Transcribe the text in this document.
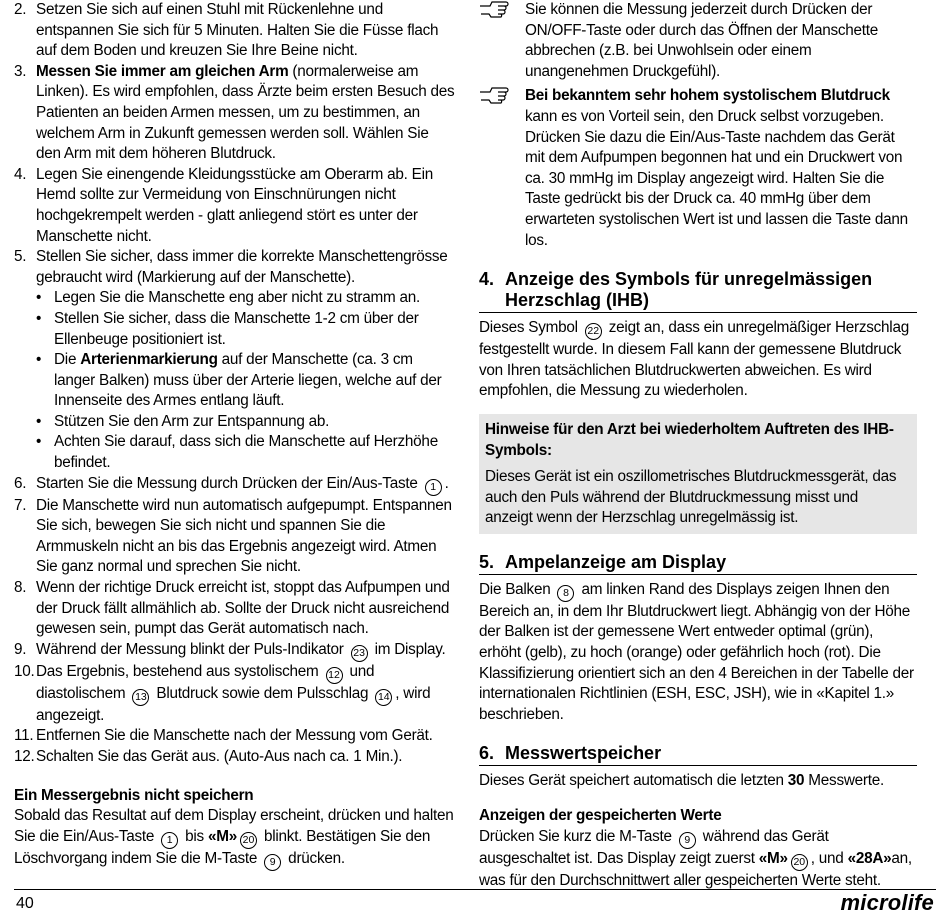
2. Setzen Sie sich auf einen Stuhl mit Rückenlehne und entspannen Sie sich für 5 Minuten. Halten Sie die Füsse flach auf dem Boden und kreuzen Sie Ihre Beine nicht.
3. Messen Sie immer am gleichen Arm (normalerweise am Linken). Es wird empfohlen, dass Ärzte beim ersten Besuch des Patienten an beiden Armen messen, um zu bestimmen, an welchem Arm in Zukunft gemessen werden soll. Wählen Sie den Arm mit dem höheren Blutdruck.
4. Legen Sie einengende Kleidungsstücke am Oberarm ab. Ein Hemd sollte zur Vermeidung von Einschnürungen nicht hochgekrempelt werden - glatt anliegend stört es unter der Manschette nicht.
5. Stellen Sie sicher, dass immer die korrekte Manschettengrösse gebraucht wird (Markierung auf der Manschette).
• Legen Sie die Manschette eng aber nicht zu stramm an.
• Stellen Sie sicher, dass die Manschette 1-2 cm über der Ellenbeuge positioniert ist.
• Die Arterienmarkierung auf der Manschette (ca. 3 cm langer Balken) muss über der Arterie liegen, welche auf der Innenseite des Armes entlang läuft.
• Stützen Sie den Arm zur Entspannung ab.
• Achten Sie darauf, dass sich die Manschette auf Herzhöhe befindet.
6. Starten Sie die Messung durch Drücken der Ein/Aus-Taste 1 .
7. Die Manschette wird nun automatisch aufgepumpt. Entspannen Sie sich, bewegen Sie sich nicht und spannen Sie die Armmuskeln nicht an bis das Ergebnis angezeigt wird. Atmen Sie ganz normal und sprechen Sie nicht.
8. Wenn der richtige Druck erreicht ist, stoppt das Aufpumpen und der Druck fällt allmählich ab. Sollte der Druck nicht ausreichend gewesen sein, pumpt das Gerät automatisch nach.
9. Während der Messung blinkt der Puls-Indikator 23 im Display.
10. Das Ergebnis, bestehend aus systolischem 12 und diastolischem 13 Blutdruck sowie dem Pulsschlag 14 , wird angezeigt.
11. Entfernen Sie die Manschette nach der Messung vom Gerät.
12. Schalten Sie das Gerät aus. (Auto-Aus nach ca. 1 Min.).
Ein Messergebnis nicht speichern
Sobald das Resultat auf dem Display erscheint, drücken und halten Sie die Ein/Aus-Taste 1 bis «M» 20 blinkt. Bestätigen Sie den Löschvorgang indem Sie die M-Taste 9 drücken.
Sie können die Messung jederzeit durch Drücken der ON/OFF-Taste oder durch das Öffnen der Manschette abbrechen (z.B. bei Unwohlsein oder einem unangenehmen Druckgefühl).
Bei bekanntem sehr hohem systolischem Blutdruck kann es von Vorteil sein, den Druck selbst vorzugeben. Drücken Sie dazu die Ein/Aus-Taste nachdem das Gerät mit dem Aufpumpen begonnen hat und ein Druckwert von ca. 30 mmHg im Display angezeigt wird. Halten Sie die Taste gedrückt bis der Druck ca. 40 mmHg über dem erwarteten systolischen Wert ist und lassen die Taste dann los.
4. Anzeige des Symbols für unregelmässigen Herzschlag (IHB)
Dieses Symbol 22 zeigt an, dass ein unregelmäßiger Herzschlag festgestellt wurde. In diesem Fall kann der gemessene Blutdruck von Ihren tatsächlichen Blutdruckwerten abweichen. Es wird empfohlen, die Messung zu wiederholen.
Hinweise für den Arzt bei wiederholtem Auftreten des IHB-Symbols:
Dieses Gerät ist ein oszillometrisches Blutdruckmessgerät, das auch den Puls während der Blutdruckmessung misst und anzeigt wenn der Herzschlag unregelmässig ist.
5. Ampelanzeige am Display
Die Balken 8 am linken Rand des Displays zeigen Ihnen den Bereich an, in dem Ihr Blutdruckwert liegt. Abhängig von der Höhe der Balken ist der gemessene Wert entweder optimal (grün), erhöht (gelb), zu hoch (orange) oder gefährlich hoch (rot). Die Klassifizierung orientiert sich an den 4 Bereichen in der Tabelle der internationalen Richtlinien (ESH, ESC, JSH), wie in «Kapitel 1.» beschrieben.
6. Messwertspeicher
Dieses Gerät speichert automatisch die letzten 30 Messwerte.
Anzeigen der gespeicherten Werte
Drücken Sie kurz die M-Taste 9 während das Gerät ausgeschaltet ist. Das Display zeigt zuerst «M» 20 , und «28A»an, was für den Durchschnittwert aller gespeicherten Werte steht.
40	microlife
